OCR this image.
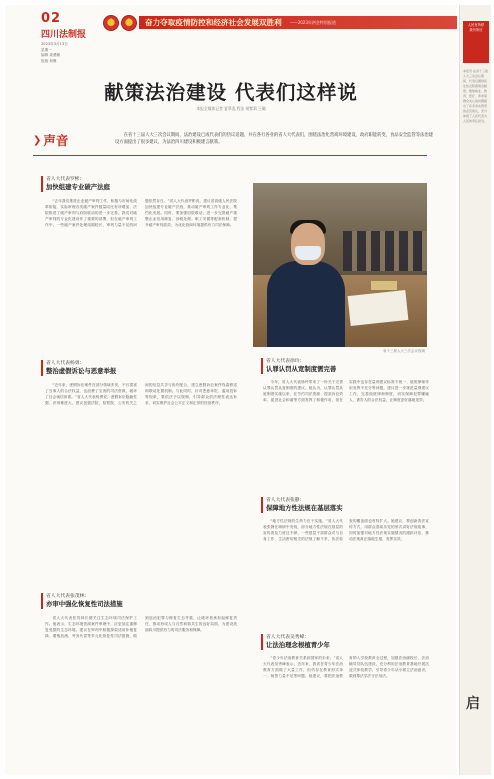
02
四川法制报
2023年3月13日
星期一
编辑 姜勇鹏
组版 何琳
奋力夺取疫情防控和经济社会发展双胜利 ——2023年两会特别报道
献策法治建设 代表们这样说
本报全媒体记者 夏慕泓 程洁 胡紫莉 王璐
❯ 声音	在省十三届人大三次会议期间，法治建设已成代表们的热议话题，并在各行各业的省人大代表们，围绕法治化营商环境建设，政府职能转变，食品安全监管等法治建设方面提出了很多建议，为法治四川建设积极建言献策。
省人大代表罗彬：
加快组建专业破产法庭
“去年我们推进企业破产审判工作，积极与市场化改革衔接，实际审理各类破产案件数量同比有所增加，法院推进了破产审判与府院联动的进一步完善。我们对破产审判的专业化建设作了重要的部署，但在破产审判工作中，一些破产案件处理周期较长，审判力量不足的问题依然存在。”省人大代表罗彬说，建议省高级人民法院加快组建专业破产法庭，推动破产审判工作专业化、集约化发展。同时，要加强府院联动，进一步完善破产重整企业信用修复、涉税处理、职工安置等配套机制，提升破产审判质效，为优化营商环境提供有力司法保障。
省人大代表杨勇：
整治虚假诉讼与恶意举报
“近年来，虚假诉讼案件在部分领域多发，不仅损害了当事人的合法权益，也浪费了宝贵的司法资源，破坏了社会诚信体系。”省人大代表杨勇说，虚假诉讼隐蔽性强，识别难度大，建议加强法院、检察院、公安机关之间的信息共享与协作配合，建立虚假诉讼案件线索移送和联动处置机制。与此同时，针对恶意举报、滥用投诉等现象，要依法予以规制，引导群众依法理性表达诉求，切实维护社会公平正义和正常的经营秩序。
省人大代表张茂林：
亦审中强化恢复性司法措施
省人大代表张茂林长期关注生态环境司法保护工作。他表示，生态环境资源案件审理中，应更加注重修复受损的生态环境。建议在审判中积极探索适用补植复绿、增殖放流、劳务代偿等多元化恢复性司法措施，做到惩治犯罪与修复生态并重，让破坏者承担起修复责任，推动形成人与自然和谐共生的良好局面，为建设美丽四川提供有力的司法服务和保障。
省十三届人大三次会议现场
省人大代表徐玲：
认罪认罚从宽制度需完善
今年，省人大代表徐玲带来了一份关于完善认罪认罚从宽制度的建议。她认为，认罪认罚从宽制度实施以来，在节约司法资源、提高诉讼效率、促进社会和谐等方面发挥了积极作用，但在实践中也存在量刑建议标准不统一、值班律师作用发挥不充分等问题。建议进一步规范量刑建议工作，完善值班律师制度，切实保障犯罪嫌疑人、被告人的合法权益，让制度更好落地见效。
省人大代表张静：
保障地方性法规在基层落实
“地方性法规的生命力在于实施。”省人大代表张静在调研中发现，部分地方性法规在基层的宣传普及力度还不够，一些基层干部群众对与自身工作、生活密切相关的法规了解不多，执法检查的覆盖面也有待扩大。她建议，要创新普法宣传方式，用群众喜闻乐见的形式讲好法规故事，同时加强对地方性法规实施情况的跟踪评估，推动法规真正落地生根、发挥实效。
省人大代表吴秀峰：
让法治理念根植青少年
“青少年法治教育关系到国家的未来。”省人大代表吴秀峰表示，近年来，我省在青少年法治教育方面做了大量工作，但仍存在教育形式单一、师资力量不足等问题。她建议，要把法治教育纳入学校教育全过程，加强法治副校长、法治辅导员队伍建设，充分利用法治教育基地开展沉浸式体验教学，引导青少年从小树立法治意识，做到尊法学法守法用法。
人民有所呼
我有所应
本报讯 在省十三届人大三次会议期间，代表们围绕民生热点积极建言献策，聚焦就业、教育、医疗、养老等群众关心的问题提出了许多务实管用的意见建议，充分体现了人民代表为人民的责任担当。
启
